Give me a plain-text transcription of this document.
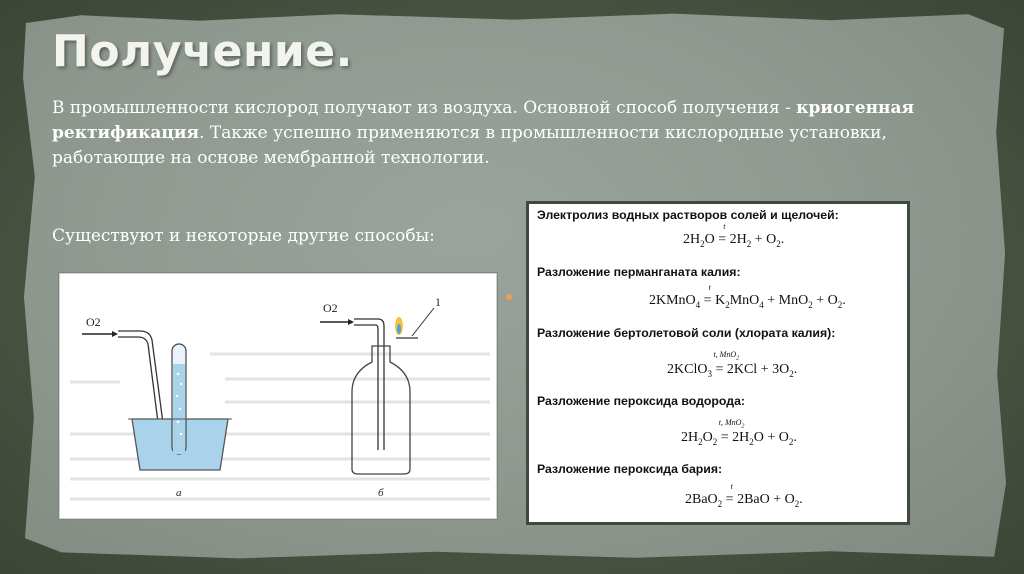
Получение.

В промышленности кислород получают из воздуха. Основной способ получения - криогенная ректификация. Также успешно применяются в промышленности кислородные установки, работающие на основе мембранной технологии.

Существуют и некоторые другие способы:

O2
а
O2	1
б
Электролиз водных растворов солей и щелочей:
$2H_2O$ =
t
$2H_2 + O_2$.
Разложение перманганата калия:
2KMnO$_4$ =
t
$K_2MnO_4 + MnO_2 + O_2$.
Разложение бертолетовой соли (хлората калия):
2KClO$_3$ =
t, MnO$_2$
$2KCl + 3O_2$.
Разложение пероксида водорода:
$2H_2O_2$ =
t, MnO$_2$
$2H_2O + O_2$.
Разложение пероксида бария:
2BaO$_2$ =
t
$2BaO + O_2$.
